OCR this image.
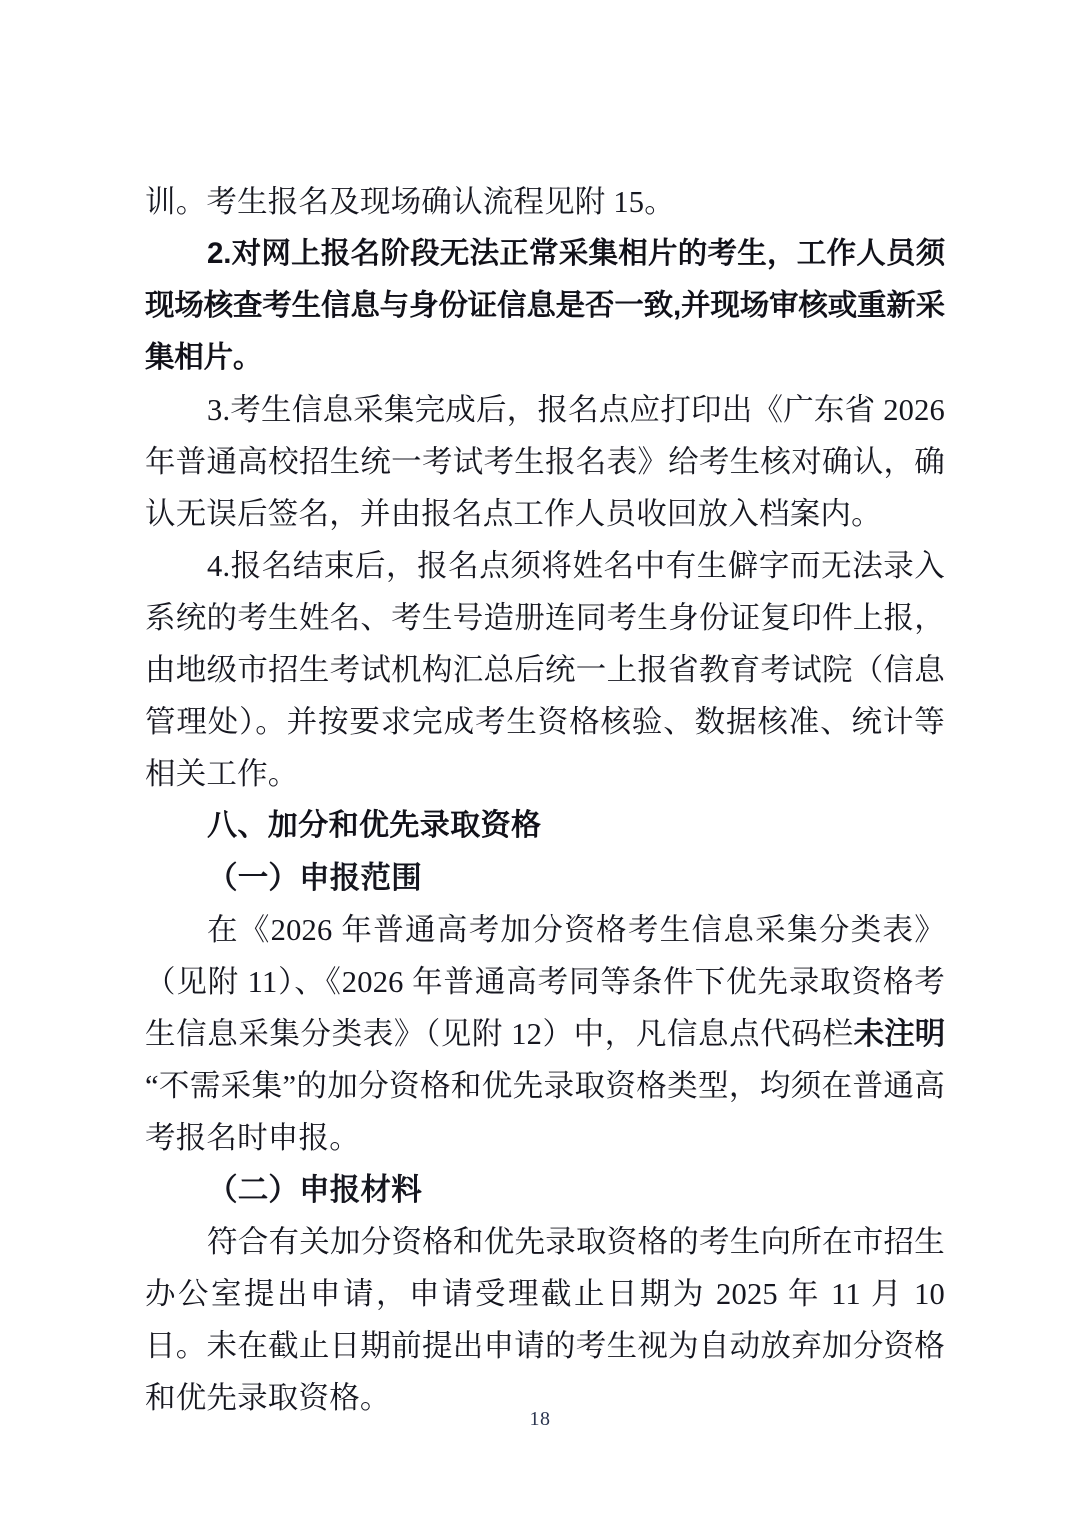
训。考生报名及现场确认流程见附 15。

2.对网上报名阶段无法正常采集相片的考生，工作人员须现场核查考生信息与身份证信息是否一致,并现场审核或重新采集相片。

3.考生信息采集完成后，报名点应打印出《广东省 2026 年普通高校招生统一考试考生报名表》给考生核对确认，确认无误后签名，并由报名点工作人员收回放入档案内。

4.报名结束后，报名点须将姓名中有生僻字而无法录入系统的考生姓名、考生号造册连同考生身份证复印件上报，由地级市招生考试机构汇总后统一上报省教育考试院（信息管理处）。并按要求完成考生资格核验、数据核准、统计等相关工作。

八、加分和优先录取资格
（一）申报范围

在《2026 年普通高考加分资格考生信息采集分类表》（见附 11）、《2026 年普通高考同等条件下优先录取资格考生信息采集分类表》（见附 12）中，凡信息点代码栏未注明“不需采集”的加分资格和优先录取资格类型，均须在普通高考报名时申报。

（二）申报材料

符合有关加分资格和优先录取资格的考生向所在市招生办公室提出申请，申请受理截止日期为 2025 年 11 月 10 日。未在截止日期前提出申请的考生视为自动放弃加分资格和优先录取资格。

18
